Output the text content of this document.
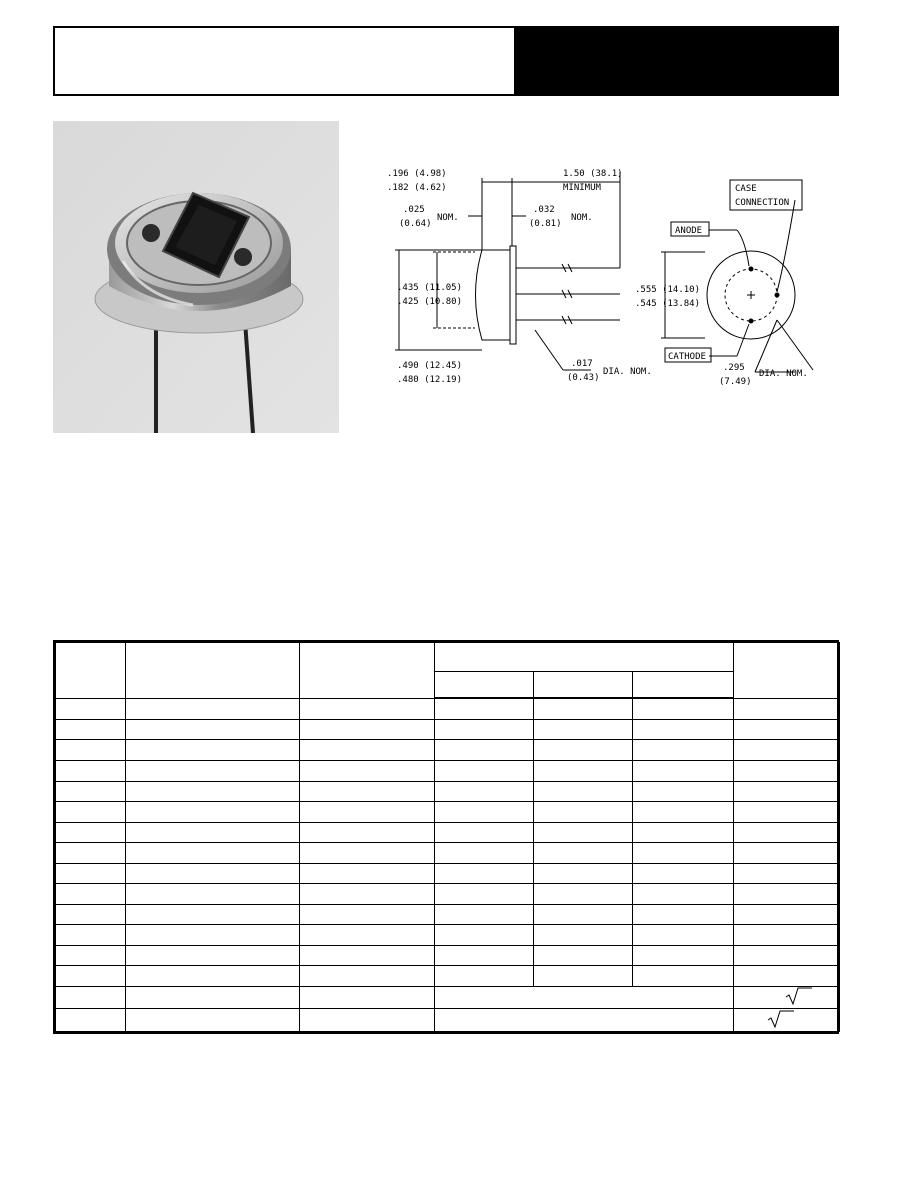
.196 (4.98)
.182 (4.62)
1.50 (38.1)
MINIMUM
.025
(0.64)
NOM.
.032
(0.81)
NOM.
.435 (11.05)
.425 (10.80)
.490 (12.45)
.480 (12.19)
.017
(0.43)
DIA. NOM.
.555 (14.10)
.545 (13.84)
.295
(7.49)
DIA. NOM.
CASE
CONNECTION
ANODE
CATHODE
